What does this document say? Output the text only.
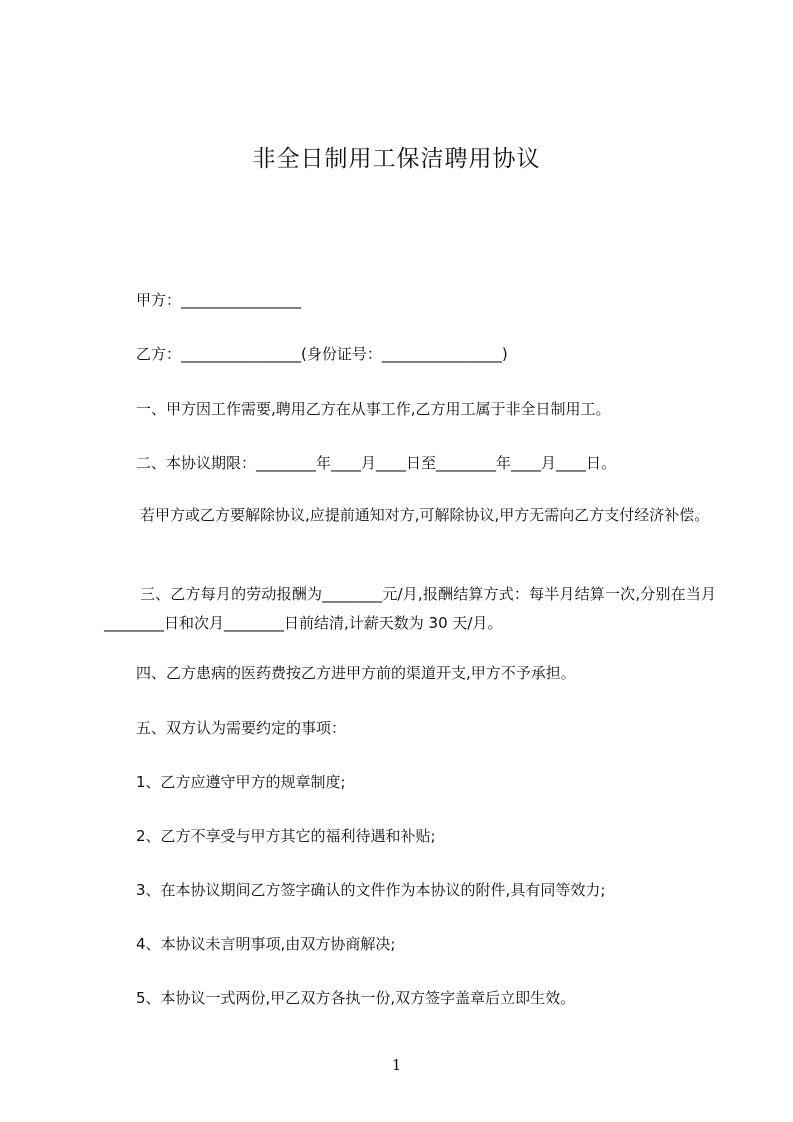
非全日制用工保洁聘用协议

甲方：________________

乙方：________________(身份证号：________________)

一、甲方因工作需要,聘用乙方在从事工作,乙方用工属于非全日制用工。

二、本协议期限：________年____月____日至________年____月____日。

若甲方或乙方要解除协议,应提前通知对方,可解除协议,甲方无需向乙方支付经济补偿。

三、乙方每月的劳动报酬为________元/月,报酬结算方式：每半月结算一次,分别在当月________日和次月________日前结清,计薪天数为 30 天/月。

四、乙方患病的医药费按乙方进甲方前的渠道开支,甲方不予承担。

五、双方认为需要约定的事项：

1、乙方应遵守甲方的规章制度;

2、乙方不享受与甲方其它的福利待遇和补贴;

3、在本协议期间乙方签字确认的文件作为本协议的附件,具有同等效力;

4、本协议未言明事项,由双方协商解决;

5、本协议一式两份,甲乙双方各执一份,双方签字盖章后立即生效。

1
